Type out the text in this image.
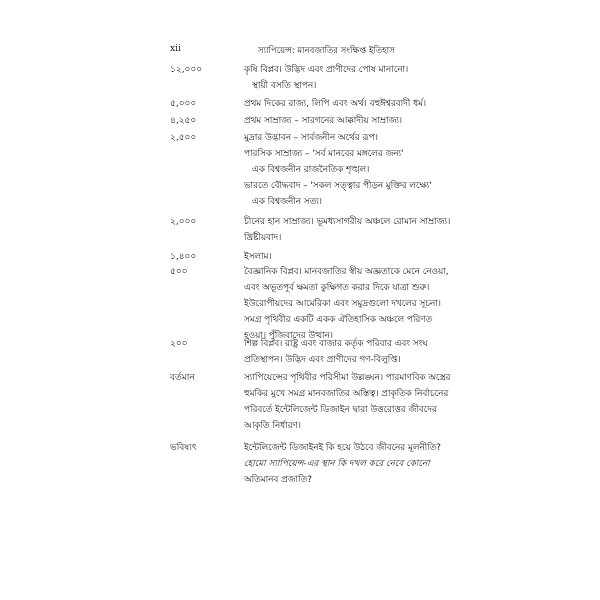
xii	স্যাপিয়েন্স: মানবজাতির সংক্ষিপ্ত ইতিহাস
১২,০০০	কৃষি বিপ্লব। উদ্ভিদ এবং প্রাণীদের পোষ মানানো।
স্থায়ী বসতি স্থাপন।
৫,০০০	প্রথম দিকের রাজ্য, লিপি এবং অর্থ। বহুঈশ্বরবাদী ধর্ম।
৪,২৫০	প্রথম সাম্রাজ্য – সারগনের আক্কাদীয় সাম্রাজ্য।
২,৫০০	মুদ্রার উদ্ভাবন – সার্বজনীন অর্থের রূপ।
পারসিক সাম্রাজ্য – 'সর্ব মানবের মঙ্গলের জন্য'
এক বিশ্বজনীন রাজনৈতিক শৃঙ্খল।
ভারতে বৌদ্ধবাদ – 'সকল সত্ত্বার পীড়ন মুক্তির লক্ষ্যে'
এক বিশ্বজনীন সত্য।
২,০০০	চীনের হান সাম্রাজ্য। ভূমধ্যসাগরীয় অঞ্চলে রোমান সাম্রাজ্য।
খ্রিষ্টীয়বাদ।
১,৪০০	ইসলাম।
৫০০	বৈজ্ঞানিক বিপ্লব। মানবজাতির স্বীয় অজ্ঞতাকে মেনে নেওয়া,
এবং অভূতপূর্ব ক্ষমতা কুক্ষিগত করার দিকে যাত্রা শুরু।
ইউরোপীয়দের আমেরিকা এবং সমুদ্রগুলো দখলের সূচনা।
সমগ্র পৃথিবীর একটি একক ঐতিহাসিক অঞ্চলে পরিণত
হওয়া। পুঁজিবাদের উত্থান।
২০০	শিল্প বিপ্লব। রাষ্ট্র এবং বাজার কর্তৃক পরিবার এবং সংঘ
প্রতিস্থাপন। উদ্ভিদ এবং প্রাণীদের গণ-বিলুপ্তি।
বর্তমান	স্যাপিয়েন্সের পৃথিবীর পরিসীমা উল্লঙ্ঘন। পারমাণবিক অস্ত্রের
হুমকির মুখে সমগ্র মানবজাতির অস্তিত্ব। প্রাকৃতিক নির্বাচনের
পরিবর্তে ইন্টেলিজেন্ট ডিজাইন দ্বারা উত্তরোত্তর জীবদের
আকৃতি নির্ধারণ।
ভবিষ্যৎ	ইন্টেলিজেন্ট ডিজাইনই কি হয়ে উঠবে জীবনের মূলনীতি?
হোমো স্যাপিয়েন্স-এর স্থান কি দখল করে নেবে কোনো
অতিমানব প্রজাতি?
